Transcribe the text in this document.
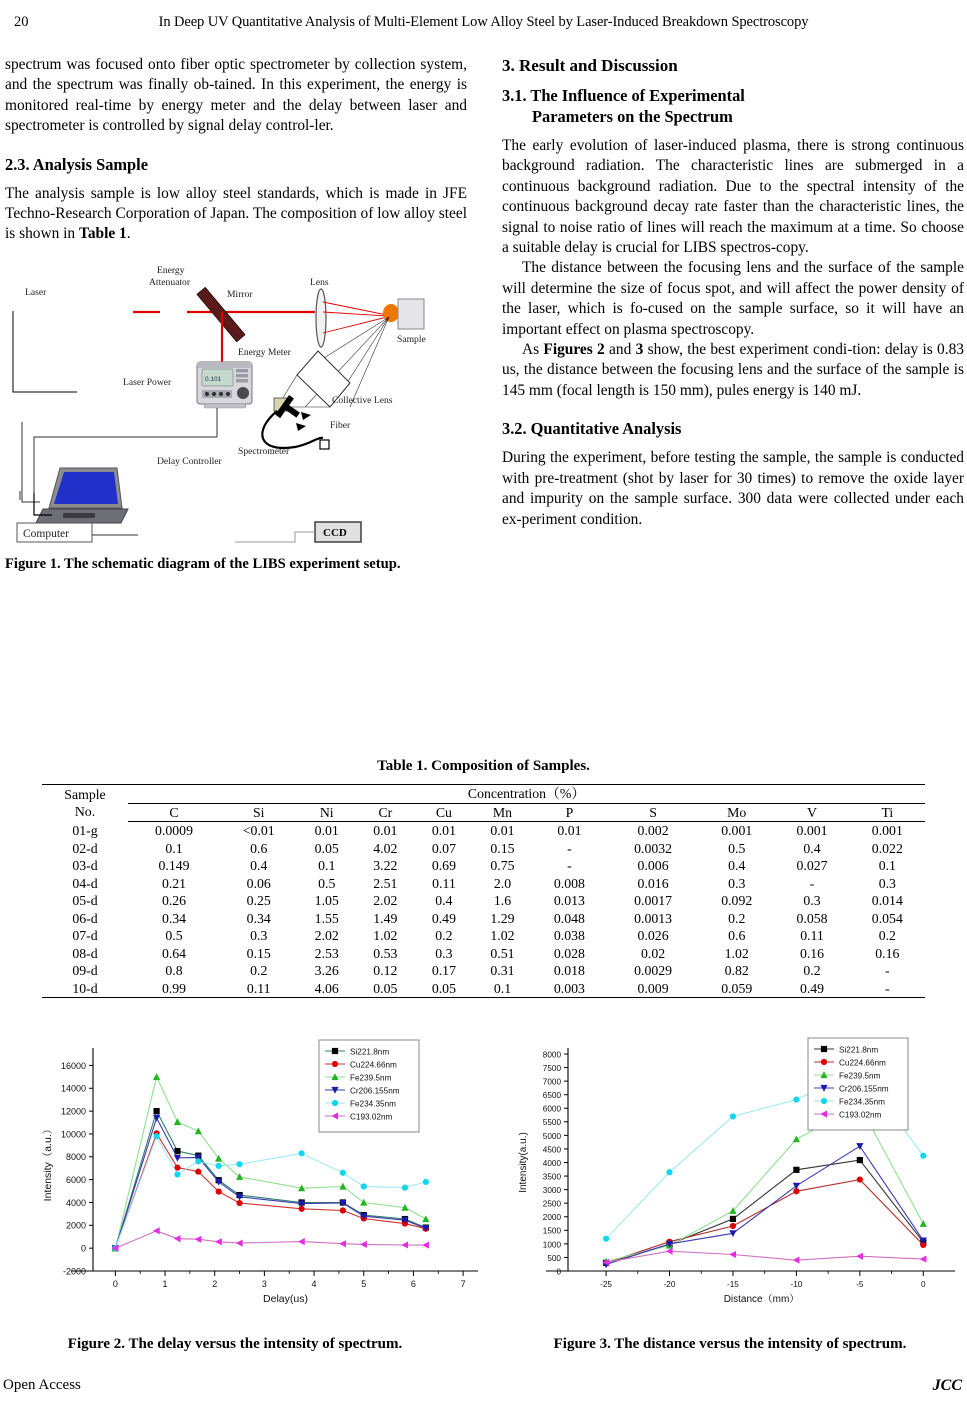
20	In Deep UV Quantitative Analysis of Multi-Element Low Alloy Steel by Laser-Induced Breakdown Spectroscopy

spectrum was focused onto fiber optic spectrometer by collection system, and the spectrum was finally ob-tained. In this experiment, the energy is monitored real-time by energy meter and the delay between laser and spectrometer is controlled by signal delay control-ler.

2.3. Analysis Sample

The analysis sample is low alloy steel standards, which is made in JFE Techno-Research Corporation of Japan. The composition of low alloy steel is shown in Table 1.

Laser
Energy
Attenuator
Mirror
Lens
Sample
Collective Lens
Fiber
Spectrometer
0.101
Energy Meter
Laser Power
Delay Controller
Computer	CCD

Figure 1. The schematic diagram of the LIBS experiment setup.

3. Result and Discussion
3.1. The Influence of Experimental
Parameters on the Spectrum

The early evolution of laser-induced plasma, there is strong continuous background radiation. The characteristic lines are submerged in a continuous background radiation. Due to the spectral intensity of the continuous background decay rate faster than the characteristic lines, the signal to noise ratio of lines will reach the maximum at a time. So choose a suitable delay is crucial for LIBS spectros-copy.

The distance between the focusing lens and the surface of the sample will determine the size of focus spot, and will affect the power density of the laser, which is fo-cused on the sample surface, so it will have an important effect on plasma spectroscopy.

As Figures 2 and 3 show, the best experiment condi-tion: delay is 0.83 us, the distance between the focusing lens and the surface of the sample is 145 mm (focal length is 150 mm), pules energy is 140 mJ.

3.2. Quantitative Analysis

During the experiment, before testing the sample, the sample is conducted with pre-treatment (shot by laser for 30 times) to remove the oxide layer and impurity on the sample surface. 300 data were collected under each ex-periment condition.

Table 1. Composition of Samples.
Sample
No.	Concentration（%）										
	C	Si	Ni	Cr	Cu	Mn	P	S	Mo	V	Ti
01-g	0.0009	<0.01	0.01	0.01	0.01	0.01	0.01	0.002	0.001	0.001	0.001
02-d	0.1	0.6	0.05	4.02	0.07	0.15	-	0.0032	0.5	0.4	0.022
03-d	0.149	0.4	0.1	3.22	0.69	0.75	-	0.006	0.4	0.027	0.1
04-d	0.21	0.06	0.5	2.51	0.11	2.0	0.008	0.016	0.3	-	0.3
05-d	0.26	0.25	1.05	2.02	0.4	1.6	0.013	0.0017	0.092	0.3	0.014
06-d	0.34	0.34	1.55	1.49	0.49	1.29	0.048	0.0013	0.2	0.058	0.054
07-d	0.5	0.3	2.02	1.02	0.2	1.02	0.038	0.026	0.6	0.11	0.2
08-d	0.64	0.15	2.53	0.53	0.3	0.51	0.028	0.02	1.02	0.16	0.16
09-d	0.8	0.2	3.26	0.12	0.17	0.31	0.018	0.0029	0.82	0.2	-
10-d	0.99	0.11	4.06	0.05	0.05	0.1	0.003	0.009	0.059	0.49	-
-2000
0
2000
4000
6000
8000
10000
12000
14000
16000
0	1	2	3	4	5	6	7
Delay(us)
Intensity（a.u.）
Si221.8nm
Cu224.66nm
Fe239.5nm
Cr206.155nm
Fe234.35nm
C193.02nm
0
500
1000
1500
2000
2500
3000
3500
4000
4500
5000
5500
6000
6500
7000
7500
8000
-25	-20	-15	-10	-5	0
Distance（mm）
Intensity(a.u.)
Si221.8nm
Cu224.66nm
Fe239.5nm
Cr206.155nm
Fe234.35nm
C193.02nm
Figure 2. The delay versus the intensity of spectrum.	Figure 3. The distance versus the intensity of spectrum.
Open Access	JCC
